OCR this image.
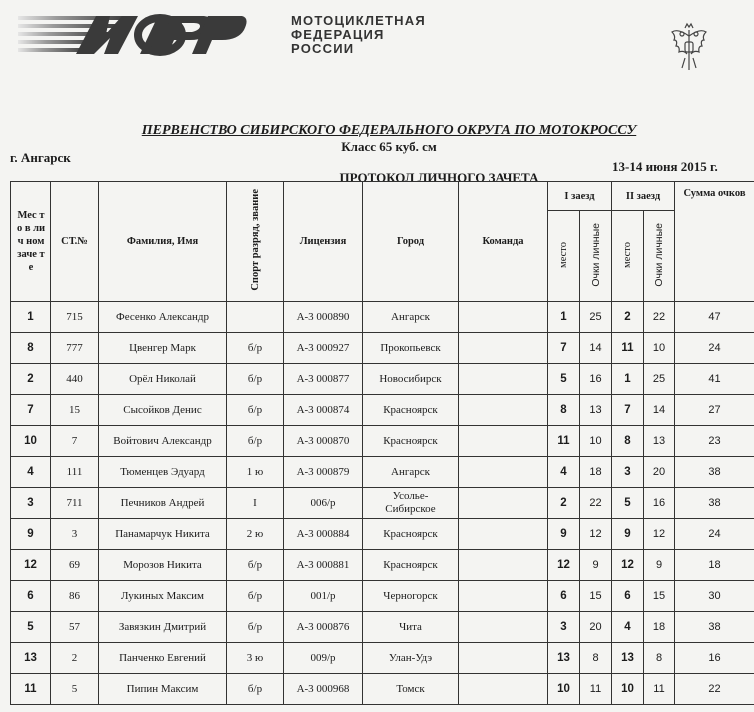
МОТОЦИКЛЕТНАЯ
ФЕДЕРАЦИЯ
РОССИИ
ПЕРВЕНСТВО СИБИРСКОГО ФЕДЕРАЛЬНОГО ОКРУГА ПО МОТОКРОССУ
Класс 65 куб. см
г. Ангарск
13-14 июня 2015 г.
ПРОТОКОЛ ЛИЧНОГО ЗАЧЕТА
Мес т о в лич ном заче те	СТ.№	Фамилия, Имя	Спорт разряд, звание	Лицензия	Город	Команда	I заезд		II заезд		Сумма очков
							место	Очки личные	место	Очки личные	
1	715	Фесенко Александр		А-3 000890	Ангарск		1	25	2	22	47
8	777	Цвенгер Марк	б/р	А-3 000927	Прокопьевск		7	14	11	10	24
2	440	Орёл Николай	б/р	А-3 000877	Новосибирск		5	16	1	25	41
7	15	Сысойков Денис	б/р	А-3 000874	Красноярск		8	13	7	14	27
10	7	Войтович Александр	б/р	А-3 000870	Красноярск		11	10	8	13	23
4	111	Тюменцев Эдуард	1 ю	А-3 000879	Ангарск		4	18	3	20	38
3	711	Печников Андрей	I	006/р	Усолье-Сибирское		2	22	5	16	38
9	3	Панамарчук Никита	2 ю	А-3 000884	Красноярск		9	12	9	12	24
12	69	Морозов Никита	б/р	А-3 000881	Красноярск		12	9	12	9	18
6	86	Лукиных Максим	б/р	001/р	Черногорск		6	15	6	15	30
5	57	Завязкин Дмитрий	б/р	А-3 000876	Чита		3	20	4	18	38
13	2	Панченко Евгений	3 ю	009/р	Улан-Удэ		13	8	13	8	16
11	5	Пипин Максим	б/р	А-3 000968	Томск		10	11	10	11	22
